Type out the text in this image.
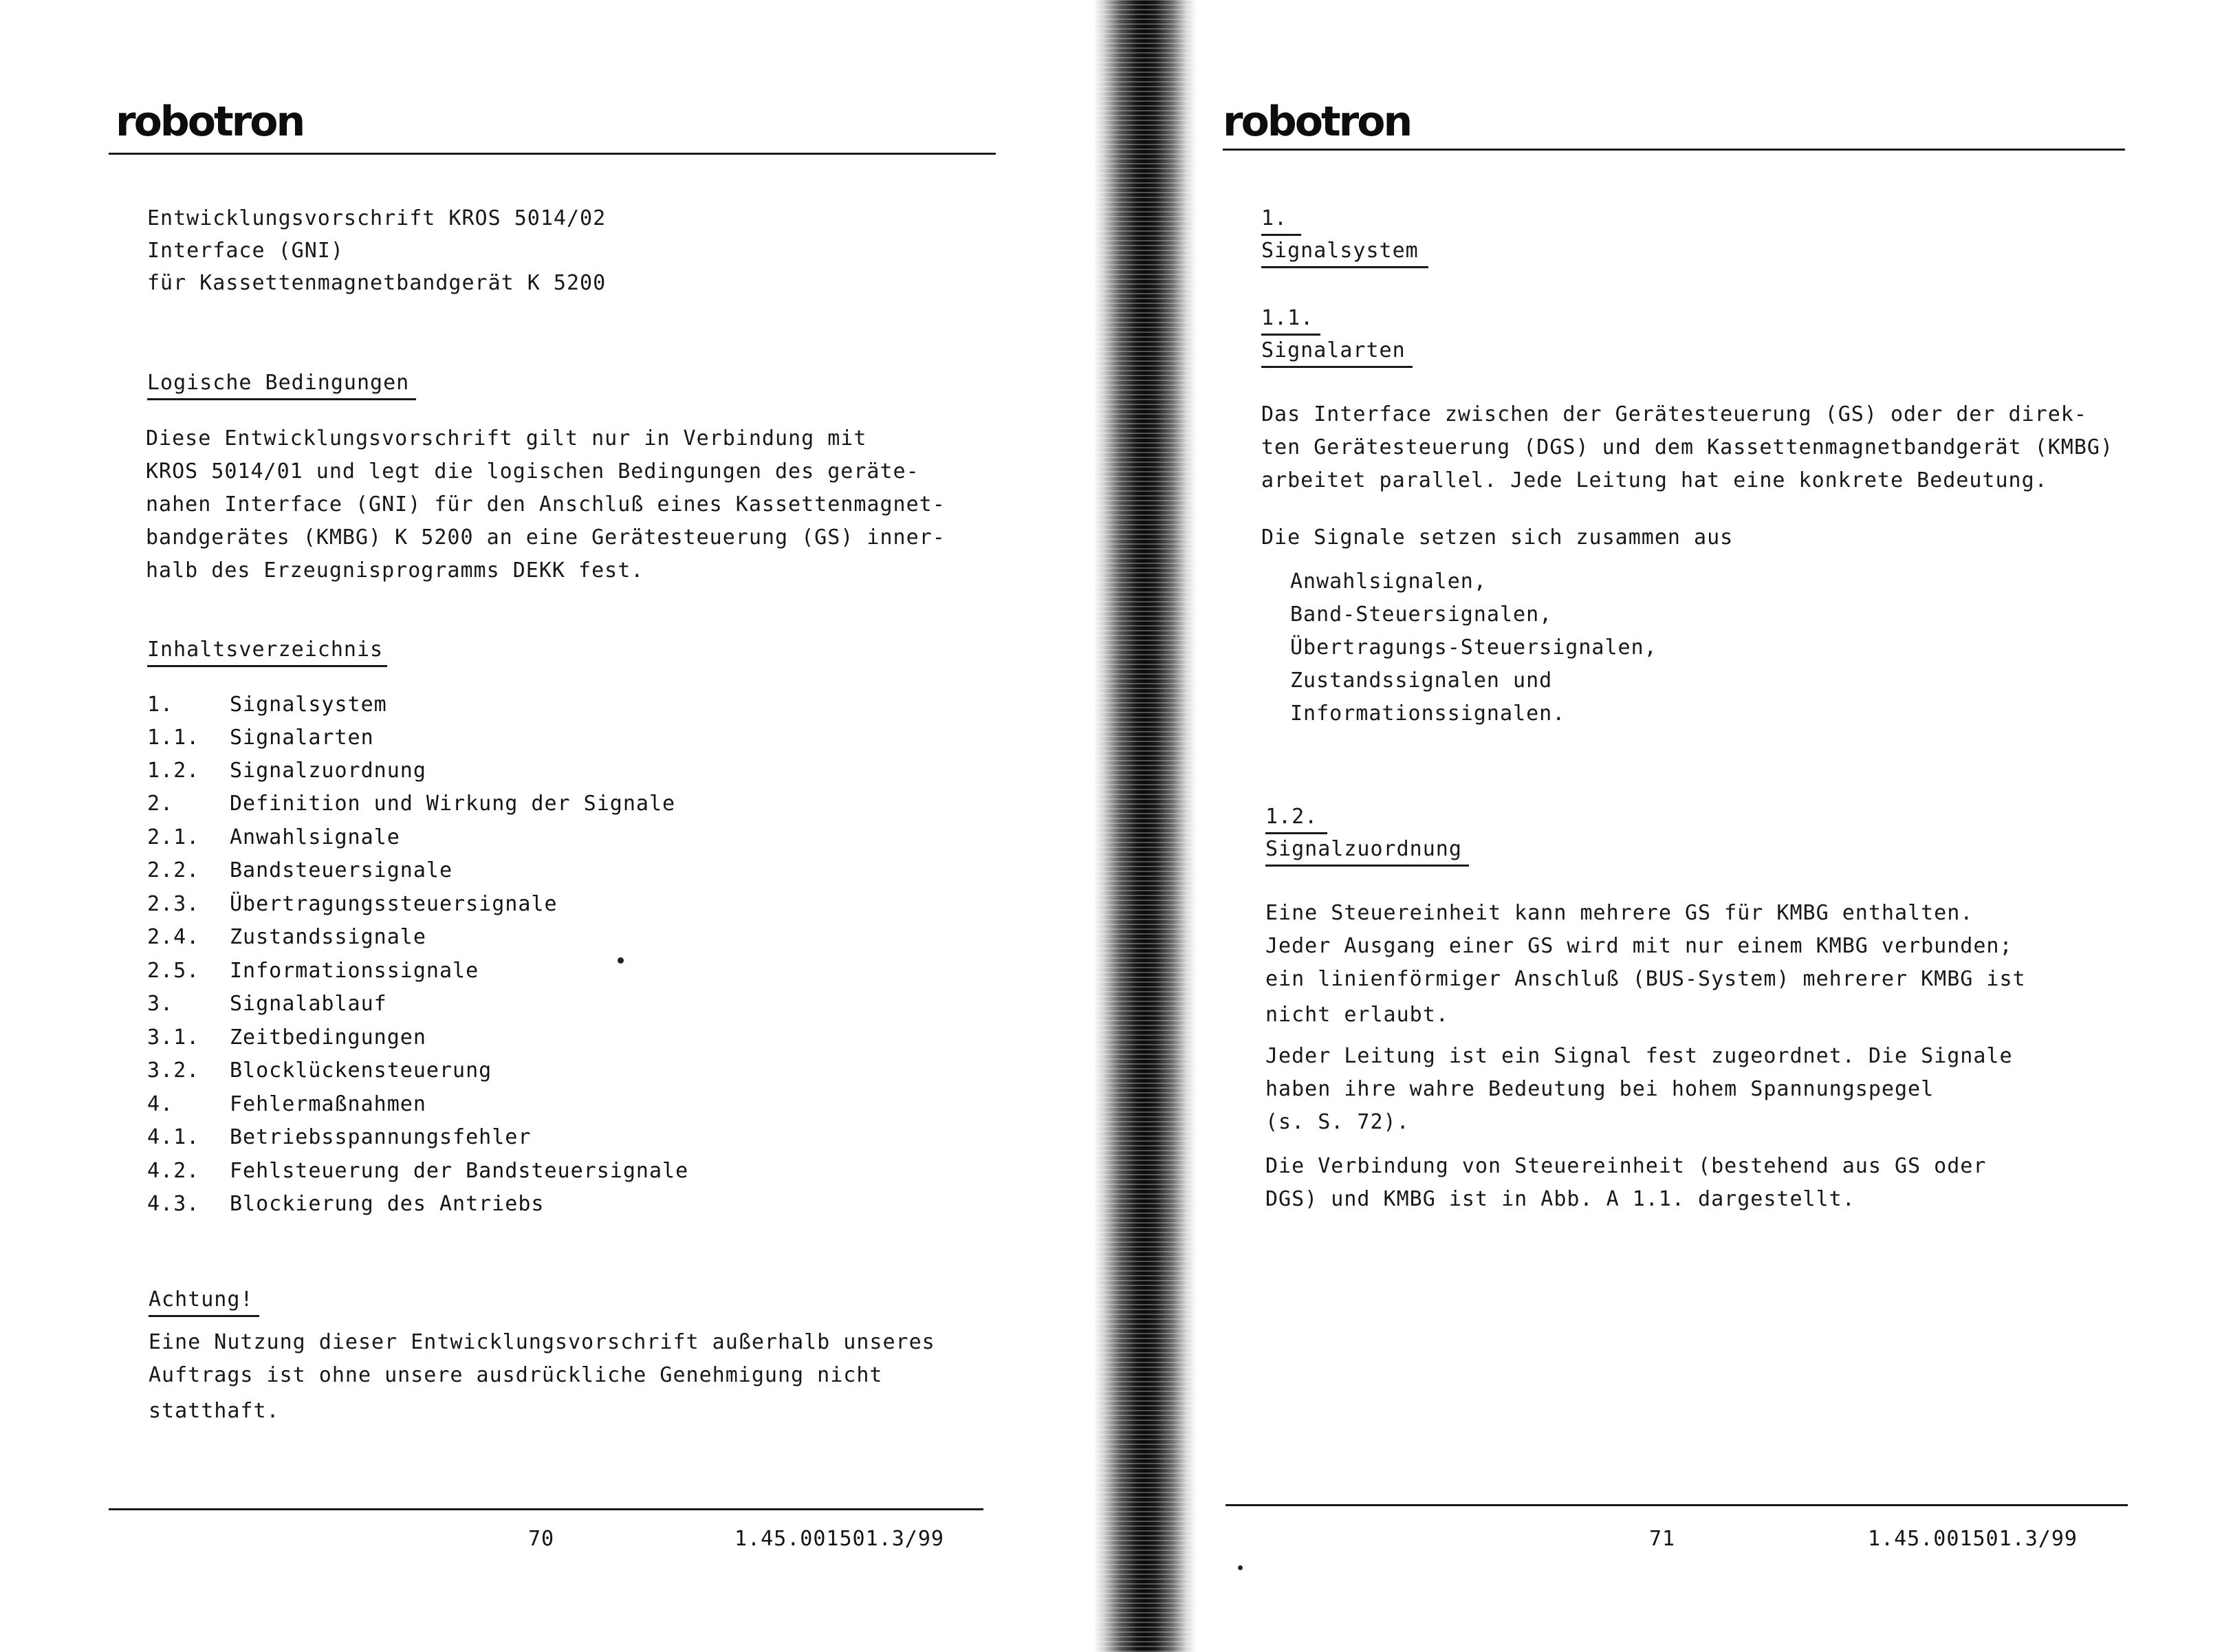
robotron
Entwicklungsvorschrift KROS 5014/02
Interface (GNI)
für Kassettenmagnetbandgerät K 5200
Logische Bedingungen
Diese Entwicklungsvorschrift gilt nur in Verbindung mit
KROS 5014/01 und legt die logischen Bedingungen des geräte-
nahen Interface (GNI) für den Anschluß eines Kassettenmagnet-
bandgerätes (KMBG) K 5200 an eine Gerätesteuerung (GS) inner-
halb des Erzeugnisprogramms DEKK fest.
Inhaltsverzeichnis
1.	Signalsystem
1.1. Signalarten
1.2. Signalzuordnung
2.	Definition und Wirkung der Signale
2.1. Anwahlsignale
2.2. Bandsteuersignale
2.3. Übertragungssteuersignale
2.4. Zustandssignale
2.5. Informationssignale
3.	Signalablauf
3.1. Zeitbedingungen
3.2. Blocklückensteuerung
4.	Fehlermaßnahmen
4.1. Betriebsspannungsfehler
4.2. Fehlsteuerung der Bandsteuersignale
4.3. Blockierung des Antriebs
Achtung!
Eine Nutzung dieser Entwicklungsvorschrift außerhalb unseres
Auftrags ist ohne unsere ausdrückliche Genehmigung nicht
statthaft.
70	1.45.001501.3/99
robotron
1.
Signalsystem
1.1.
Signalarten
Das Interface zwischen der Gerätesteuerung (GS) oder der direk-
ten Gerätesteuerung (DGS) und dem Kassettenmagnetbandgerät (KMBG)
arbeitet parallel. Jede Leitung hat eine konkrete Bedeutung.
Die Signale setzen sich zusammen aus
Anwahlsignalen,
Band-Steuersignalen,
Übertragungs-Steuersignalen,
Zustandssignalen und
Informationssignalen.
1.2.
Signalzuordnung
Eine Steuereinheit kann mehrere GS für KMBG enthalten.
Jeder Ausgang einer GS wird mit nur einem KMBG verbunden;
ein linienförmiger Anschluß (BUS-System) mehrerer KMBG ist
nicht erlaubt.
Jeder Leitung ist ein Signal fest zugeordnet. Die Signale
haben ihre wahre Bedeutung bei hohem Spannungspegel
(s. S. 72).
Die Verbindung von Steuereinheit (bestehend aus GS oder
DGS) und KMBG ist in Abb. A 1.1. dargestellt.
71	1.45.001501.3/99
